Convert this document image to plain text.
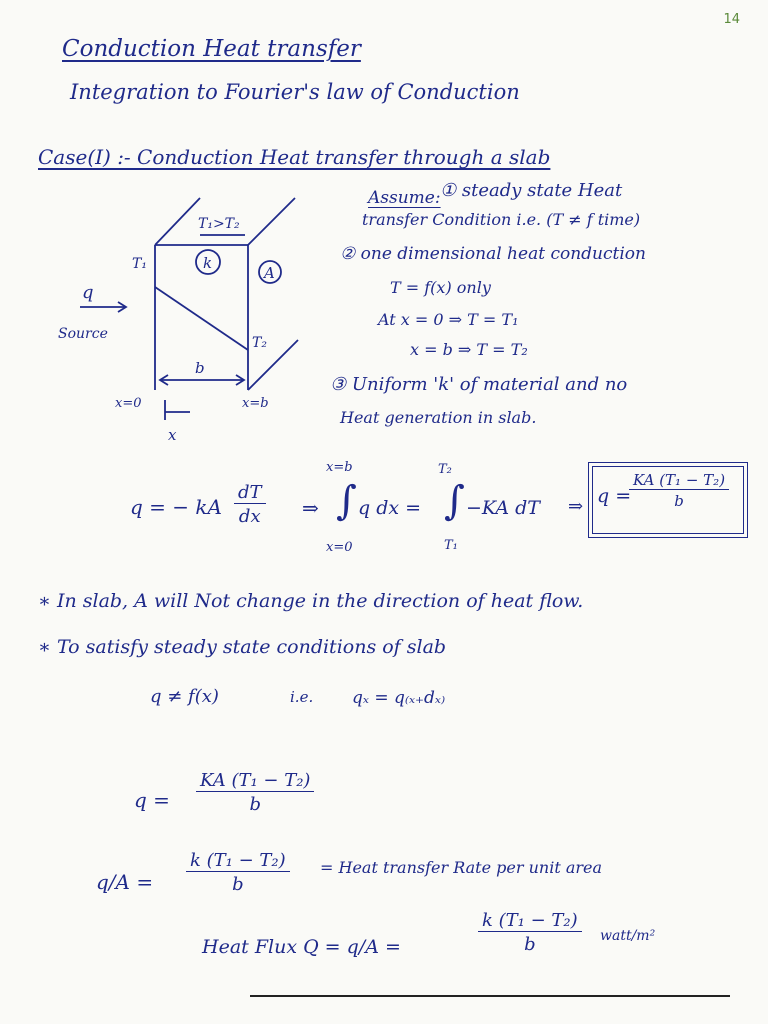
14
Conduction Heat transfer
Integration to Fourier's law of Conduction
Case(I) :- Conduction Heat transfer through a slab
T₁>T₂
T₁
T₂
k
A
q
Source
b
x=0	x=b
x
Assume: ① steady state Heat
transfer Condition i.e. (T ≠ f time)
② one dimensional heat conduction
T = f(x) only
At x = 0 ⇒ T = T₁
x = b ⇒ T = T₂
③ Uniform 'k' of material and no
Heat generation in slab.
q = − kA $\frac{dT}{dx}$ ⇒
x=b
∫
x=0
q dx =
T₂
∫
T₁
−KA dT ⇒ q =
$\frac{\text{KA (T₁ − T₂)}}{b}$
∗ In slab, A will Not change in the direction of heat flow.
∗ To satisfy steady state conditions of slab
q ≠ f(x)	i.e. qₓ = q₍ₓ₊dₓ₎
$q = \frac{\text{KA (T₁ − T₂)}}{b}$
$q/A = \frac{\text{k (T₁ − T₂)}}{b}$ = Heat transfer Rate per unit area
Heat Flux Q = q/A =	$\frac{\text{k (T₁ − T₂)}}{b}$ watt/m²
